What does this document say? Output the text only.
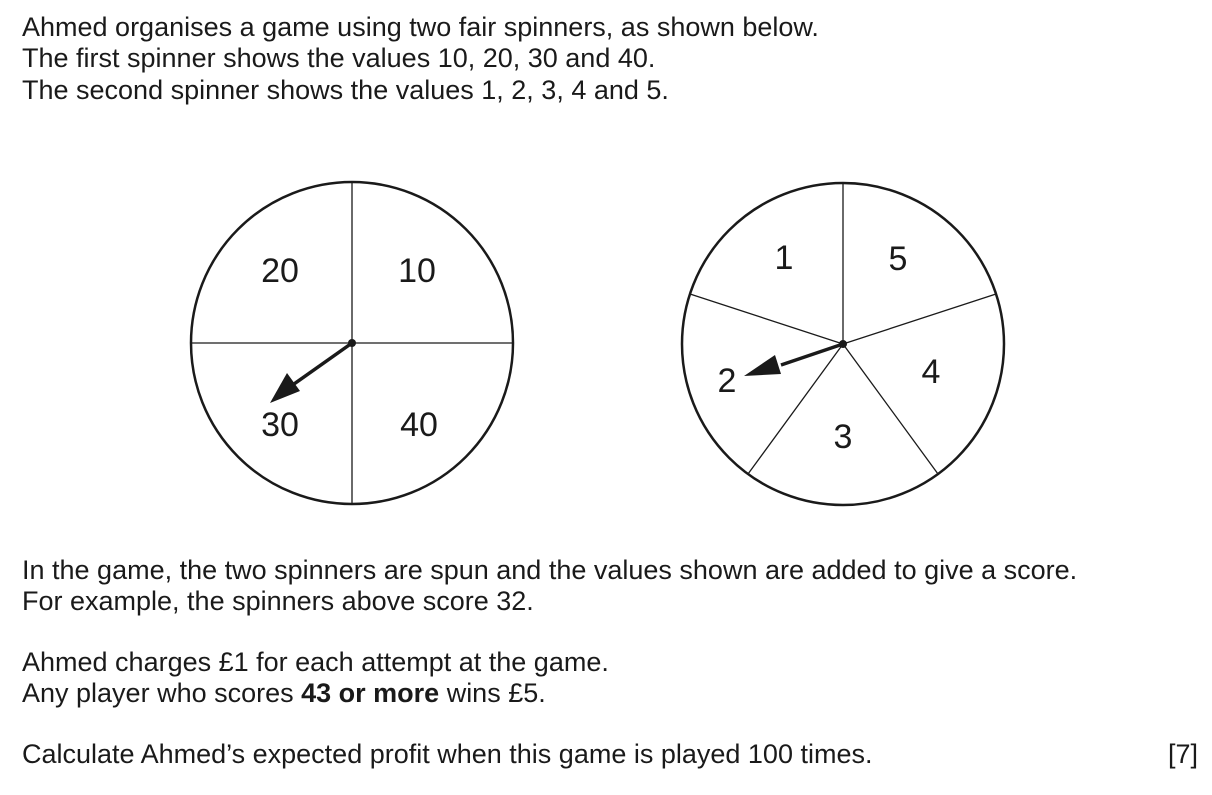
Ahmed organises a game using two fair spinners, as shown below.
The first spinner shows the values 10, 20, 30 and 40.
The second spinner shows the values 1, 2, 3, 4 and 5.
10
20
30	40
5
4
3
2
1
In the game, the two spinners are spun and the values shown are added to give a score.
For example, the spinners above score 32.
Ahmed charges £1 for each attempt at the game.
Any player who scores 43 or more wins £5.
Calculate Ahmed’s expected profit when this game is played 100 times.	[7]
